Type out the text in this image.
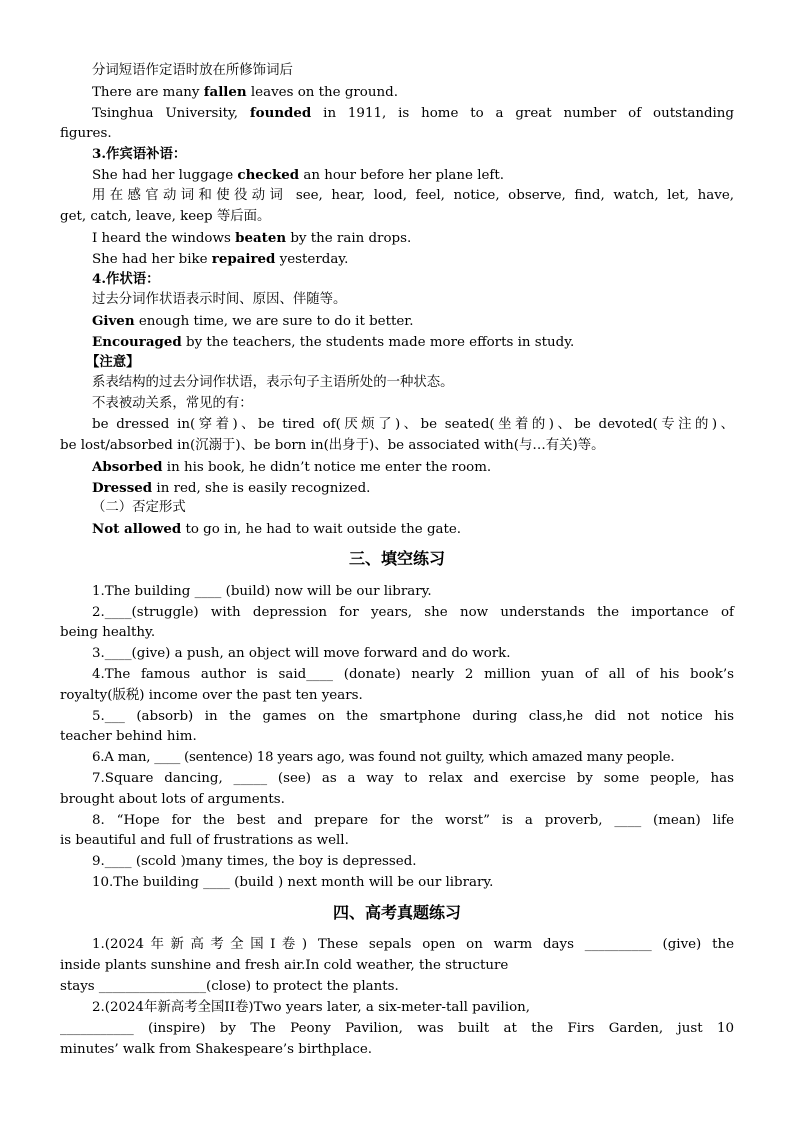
分词短语作定语时放在所修饰词后
There are many fallen leaves on the ground.
Tsinghua University, founded in 1911, is home to a great number of outstanding
figures.
3.作宾语补语：
She had her luggage checked an hour before her plane left.
用在感官动词和使役动词 see, hear, lood, feel, notice, observe, find, watch, let, have,
get, catch, leave, keep 等后面。
I heard the windows beaten by the rain drops.
She had her bike repaired yesterday.
4.作状语：
过去分词作状语表示时间、原因、伴随等。
Given enough time, we are sure to do it better.
Encouraged by the teachers, the students made more efforts in study.
【注意】
系表结构的过去分词作状语，表示句子主语所处的一种状态。
不表被动关系，常见的有：
be dressed in(穿着)、be tired of(厌烦了)、be seated(坐着的)、be devoted(专注的)、
be lost/absorbed in(沉溺于)、be born in(出身于)、be associated with(与…有关)等。
Absorbed in his book, he didn’t notice me enter the room.
Dressed in red, she is easily recognized.
（二）否定形式
Not allowed to go in, he had to wait outside the gate.
三、填空练习
1.The building ____ (build) now will be our library.
2.____(struggle) with depression for years, she now understands the importance of
being healthy.
3.____(give) a push, an object will move forward and do work.
4.The famous author is said____ (donate) nearly 2 million yuan of all of his book’s
royalty(版税) income over the past ten years.
5.___ (absorb) in the games on the smartphone during class,he did not notice his
teacher behind him.
6.A man, ____ (sentence) 18 years ago, was found not guilty, which amazed many people.
7.Square dancing, _____ (see) as a way to relax and exercise by some people, has
brought about lots of arguments.
8. “Hope for the best and prepare for the worst” is a proverb, ____ (mean) life
is beautiful and full of frustrations as well.
9.____ (scold )many times, the boy is depressed.
10.The building ____ (build ) next month will be our library.
四、高考真题练习
1.(2024年新高考全国Ⅰ卷) These sepals open on warm days __________ (give) the
inside plants sunshine and fresh air.In cold weather, the structure
stays ________________(close) to protect the plants.
2.(2024年新高考全国II卷)Two years later, a six-meter-tall pavilion,
___________ (inspire) by The Peony Pavilion, was built at the Firs Garden, just 10
minutes’ walk from Shakespeare’s birthplace.
